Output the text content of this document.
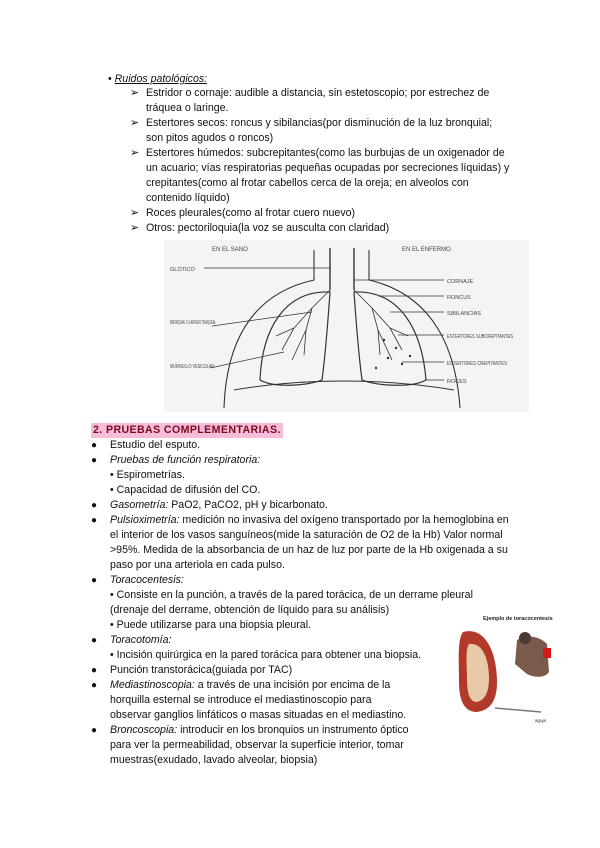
• Ruidos patológicos:
➢ Estridor o cornaje: audible a distancia, sin estetoscopio; por estrechez de
tráquea o laringe.
➢ Estertores secos: roncus y sibilancias(por disminución de la luz bronquial;
son pitos agudos o roncos)
➢ Estertores húmedos: subcrepitantes(como las burbujas de un oxigenador de
un acuario; vías respiratorias pequeñas ocupadas por secreciones líquidas) y
crepitantes(como al frotar cabellos cerca de la oreja; en alveolos con
contenido líquido)
➢ Roces pleurales(como al frotar cuero nuevo)
➢ Otros: pectoriloquia(la voz se ausculta con claridad)
EN EL SANO	EN EL ENFERMO
GLÓTICO
BRONQUIAL O LARINGO TRAQUEAL
MURMULLO VESICULAR
CORNAJE
RONCUS
SIBILANCIAS
ESTERTORES SUBCREPITANTES
ESTERTORES CREPITANTES
ROCES
2. PRUEBAS COMPLEMENTARIAS.
● Estudio del esputo.
● Pruebas de función respiratoria:
• Espirometrías.
• Capacidad de difusión del CO.
● Gasometría: PaO2, PaCO2, pH y bicarbonato.
● Pulsioximetría: medición no invasiva del oxígeno transportado por la hemoglobina en
el interior de los vasos sanguíneos(mide la saturación de O2 de la Hb) Valor normal
>95%. Medida de la absorbancia de un haz de luz por parte de la Hb oxigenada a su
paso por una arteriola en cada pulso.
● Toracocentesis:
• Consiste en la punción, a través de la pared torácica, de un derrame pleural
(drenaje del derrame, obtención de líquido para su análisis)
• Puede utilizarse para una biopsia pleural.
● Toracotomía:
• Incisión quirúrgica en la pared torácica para obtener una biopsia.
● Punción transtorácica(guiada por TAC)
● Mediastinoscopia: a través de una incisión por encima de la
horquilla esternal se introduce el mediastinoscopio para
observar ganglios linfáticos o masas situadas en el mediastino.
● Broncoscopia: introducir en los bronquios un instrumento óptico
para ver la permeabilidad, observar la superficie interior, tomar
muestras(exudado, lavado alveolar, biopsia)
Ejemplo de toracocentesis
aguja
